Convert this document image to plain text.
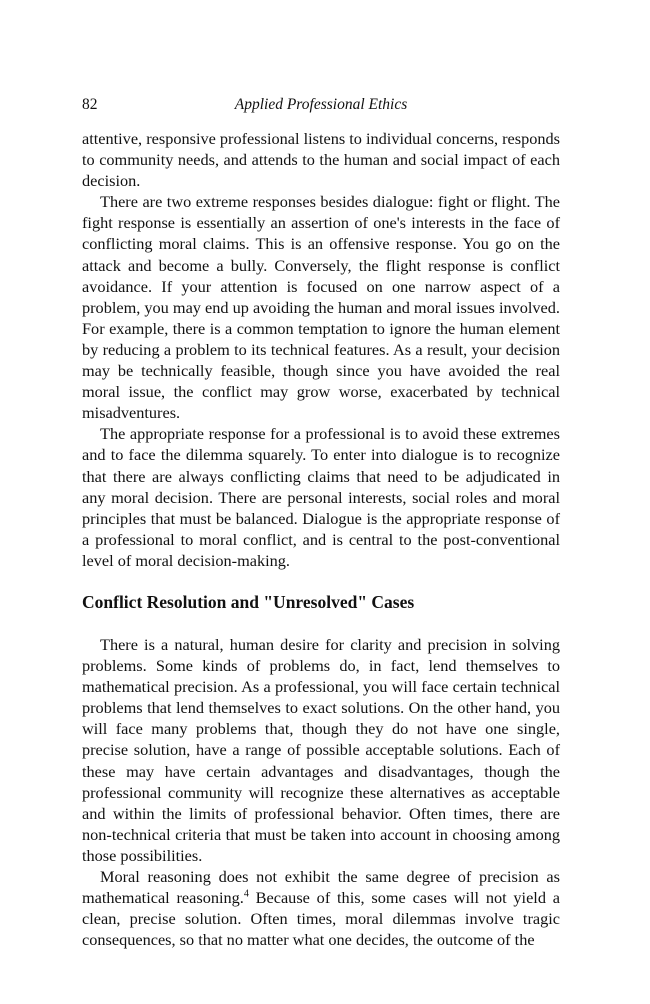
82	Applied Professional Ethics

attentive, responsive professional listens to individual concerns, responds to community needs, and attends to the human and social impact of each decision.

There are two extreme responses besides dialogue: fight or flight. The fight response is essentially an assertion of one's interests in the face of conflicting moral claims. This is an offensive response. You go on the attack and become a bully. Conversely, the flight response is conflict avoidance. If your attention is focused on one narrow aspect of a problem, you may end up avoiding the human and moral issues involved. For example, there is a common temptation to ignore the human element by reducing a problem to its technical features. As a result, your decision may be technically feasible, though since you have avoided the real moral issue, the conflict may grow worse, exacerbated by technical misadventures.

The appropriate response for a professional is to avoid these extremes and to face the dilemma squarely. To enter into dialogue is to recognize that there are always conflicting claims that need to be adjudicated in any moral decision. There are personal interests, social roles and moral principles that must be balanced. Dialogue is the appropriate response of a professional to moral conflict, and is central to the post-conventional level of moral decision-making.

Conflict Resolution and "Unresolved" Cases

There is a natural, human desire for clarity and precision in solving problems. Some kinds of problems do, in fact, lend themselves to mathematical precision. As a professional, you will face certain technical problems that lend themselves to exact solutions. On the other hand, you will face many problems that, though they do not have one single, precise solution, have a range of possible acceptable solutions. Each of these may have certain advantages and disadvantages, though the professional community will recognize these alternatives as acceptable and within the limits of professional behavior. Often times, there are non-technical criteria that must be taken into account in choosing among those possibilities.

Moral reasoning does not exhibit the same degree of precision as mathematical reasoning.$^4$ Because of this, some cases will not yield a clean, precise solution. Often times, moral dilemmas involve tragic consequences, so that no matter what one decides, the outcome of the
